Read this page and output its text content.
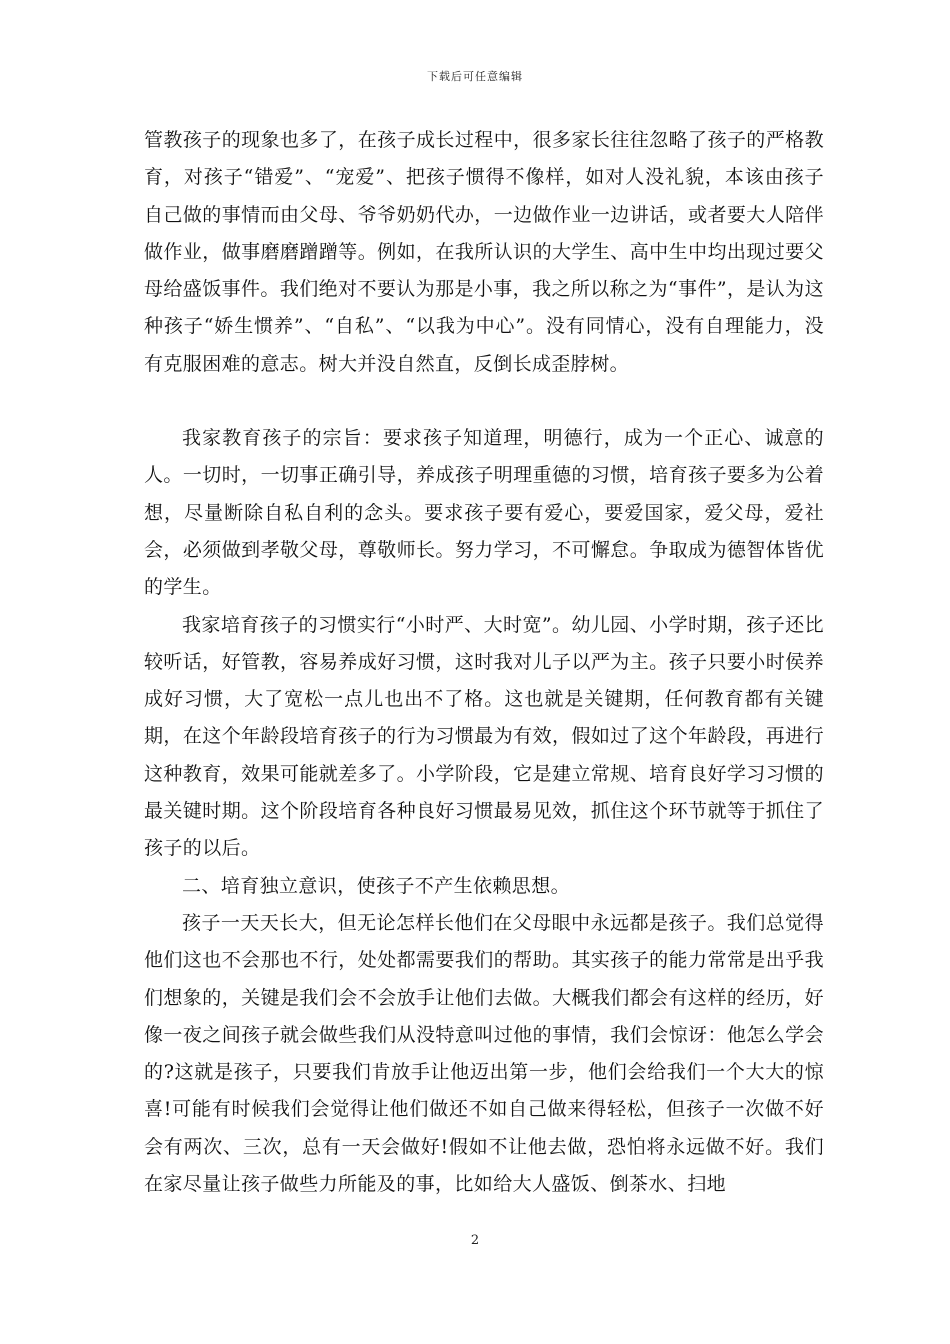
下载后可任意编辑

管教孩子的现象也多了，在孩子成长过程中，很多家长往往忽略了孩子的严格教育，对孩子“错爱”、“宠爱”、把孩子惯得不像样，如对人没礼貌，本该由孩子自己做的事情而由父母、爷爷奶奶代办，一边做作业一边讲话，或者要大人陪伴做作业，做事磨磨蹭蹭等。例如，在我所认识的大学生、高中生中均出现过要父母给盛饭事件。我们绝对不要认为那是小事，我之所以称之为“事件”，是认为这种孩子“娇生惯养”、“自私”、“以我为中心”。没有同情心，没有自理能力，没有克服困难的意志。树大并没自然直，反倒长成歪脖树。

我家教育孩子的宗旨：要求孩子知道理，明德行，成为一个正心、诚意的人。一切时，一切事正确引导，养成孩子明理重德的习惯，培育孩子要多为公着想，尽量断除自私自利的念头。要求孩子要有爱心，要爱国家，爱父母，爱社会，必须做到孝敬父母，尊敬师长。努力学习，不可懈怠。争取成为德智体皆优的学生。

我家培育孩子的习惯实行“小时严、大时宽”。幼儿园、小学时期，孩子还比较听话，好管教，容易养成好习惯，这时我对儿子以严为主。孩子只要小时侯养成好习惯，大了宽松一点儿也出不了格。这也就是关键期，任何教育都有关键期，在这个年龄段培育孩子的行为习惯最为有效，假如过了这个年龄段，再进行这种教育，效果可能就差多了。小学阶段，它是建立常规、培育良好学习习惯的最关键时期。这个阶段培育各种良好习惯最易见效，抓住这个环节就等于抓住了孩子的以后。

二、培育独立意识，使孩子不产生依赖思想。

孩子一天天长大，但无论怎样长他们在父母眼中永远都是孩子。我们总觉得他们这也不会那也不行，处处都需要我们的帮助。其实孩子的能力常常是出乎我们想象的，关键是我们会不会放手让他们去做。大概我们都会有这样的经历，好像一夜之间孩子就会做些我们从没特意叫过他的事情，我们会惊讶：他怎么学会的?这就是孩子，只要我们肯放手让他迈出第一步，他们会给我们一个大大的惊喜!可能有时候我们会觉得让他们做还不如自己做来得轻松，但孩子一次做不好会有两次、三次，总有一天会做好!假如不让他去做，恐怕将永远做不好。我们在家尽量让孩子做些力所能及的事，比如给大人盛饭、倒茶水、扫地

2
